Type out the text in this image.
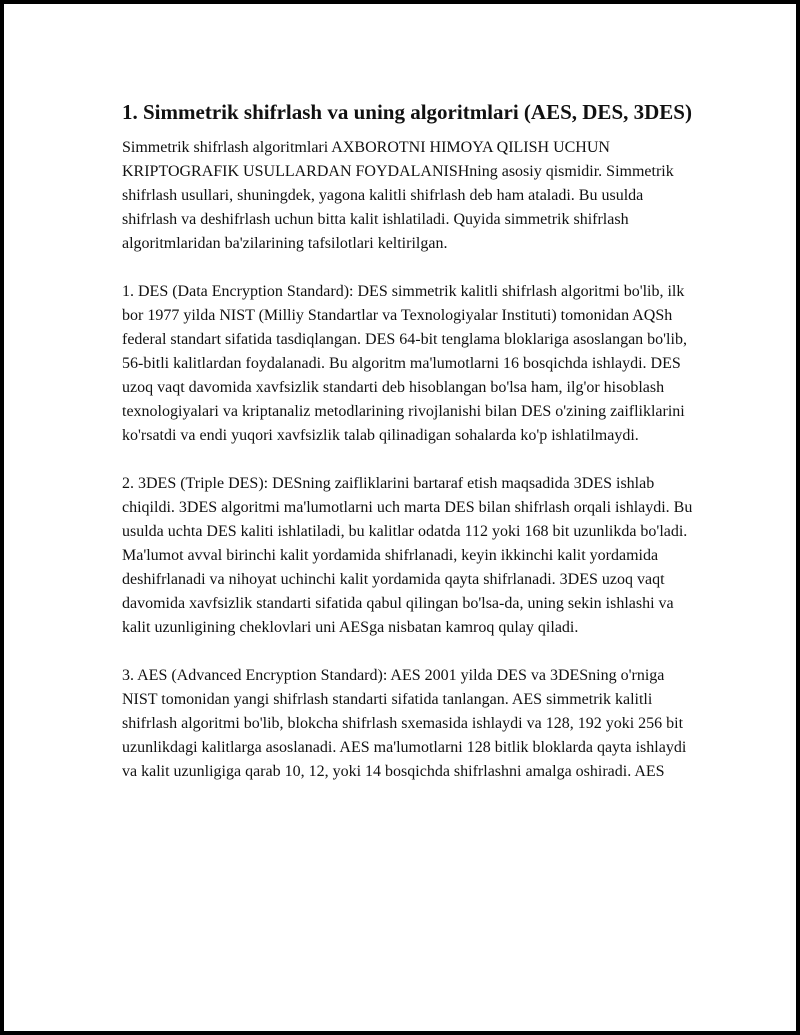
1. Simmetrik shifrlash va uning algoritmlari (AES, DES, 3DES)

Simmetrik shifrlash algoritmlari AXBOROTNI HIMOYA QILISH UCHUN KRIPTOGRAFIK USULLARDAN FOYDALANISHning asosiy qismidir. Simmetrik shifrlash usullari, shuningdek, yagona kalitli shifrlash deb ham ataladi. Bu usulda shifrlash va deshifrlash uchun bitta kalit ishlatiladi. Quyida simmetrik shifrlash algoritmlaridan ba'zilarining tafsilotlari keltirilgan.

1. DES (Data Encryption Standard): DES simmetrik kalitli shifrlash algoritmi bo'lib, ilk bor 1977 yilda NIST (Milliy Standartlar va Texnologiyalar Instituti) tomonidan AQSh federal standart sifatida tasdiqlangan. DES 64-bit tenglama bloklariga asoslangan bo'lib, 56-bitli kalitlardan foydalanadi. Bu algoritm ma'lumotlarni 16 bosqichda ishlaydi. DES uzoq vaqt davomida xavfsizlik standarti deb hisoblangan bo'lsa ham, ilg'or hisoblash texnologiyalari va kriptanaliz metodlarining rivojlanishi bilan DES o'zining zaifliklarini ko'rsatdi va endi yuqori xavfsizlik talab qilinadigan sohalarda ko'p ishlatilmaydi.

2. 3DES (Triple DES): DESning zaifliklarini bartaraf etish maqsadida 3DES ishlab chiqildi. 3DES algoritmi ma'lumotlarni uch marta DES bilan shifrlash orqali ishlaydi. Bu usulda uchta DES kaliti ishlatiladi, bu kalitlar odatda 112 yoki 168 bit uzunlikda bo'ladi. Ma'lumot avval birinchi kalit yordamida shifrlanadi, keyin ikkinchi kalit yordamida deshifrlanadi va nihoyat uchinchi kalit yordamida qayta shifrlanadi. 3DES uzoq vaqt davomida xavfsizlik standarti sifatida qabul qilingan bo'lsa-da, uning sekin ishlashi va kalit uzunligining cheklovlari uni AESga nisbatan kamroq qulay qiladi.

3. AES (Advanced Encryption Standard): AES 2001 yilda DES va 3DESning o'rniga NIST tomonidan yangi shifrlash standarti sifatida tanlangan. AES simmetrik kalitli shifrlash algoritmi bo'lib, blokcha shifrlash sxemasida ishlaydi va 128, 192 yoki 256 bit uzunlikdagi kalitlarga asoslanadi. AES ma'lumotlarni 128 bitlik bloklarda qayta ishlaydi va kalit uzunligiga qarab 10, 12, yoki 14 bosqichda shifrlashni amalga oshiradi. AES
